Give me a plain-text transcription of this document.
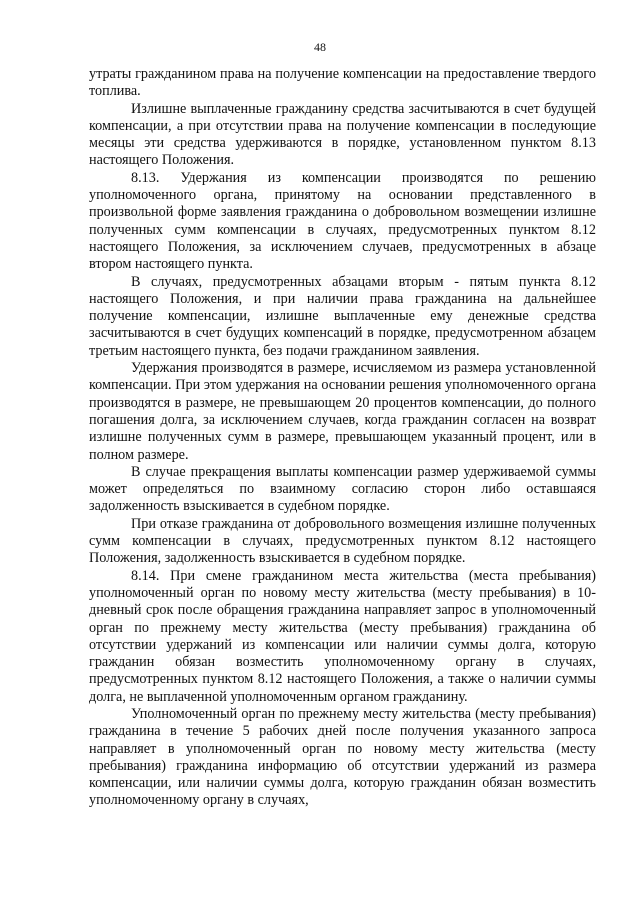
48

утраты гражданином права на получение компенсации на предоставление твердого топлива.

Излишне выплаченные гражданину средства засчитываются в счет будущей компенсации, а при отсутствии права на получение компенсации в последующие месяцы эти средства удерживаются в порядке, установленном пунктом 8.13 настоящего Положения.

8.13. Удержания из компенсации производятся по решению уполномоченного органа, принятому на основании представленного в произвольной форме заявления гражданина о добровольном возмещении излишне полученных сумм компенсации в случаях, предусмотренных пунктом 8.12 настоящего Положения, за исключением случаев, предусмотренных в абзаце втором настоящего пункта.

В случаях, предусмотренных абзацами вторым - пятым пункта 8.12 настоящего Положения, и при наличии права гражданина на дальнейшее получение компенсации, излишне выплаченные ему денежные средства засчитываются в счет будущих компенсаций в порядке, предусмотренном абзацем третьим настоящего пункта, без подачи гражданином заявления.

Удержания производятся в размере, исчисляемом из размера установленной компенсации. При этом удержания на основании решения уполномоченного органа производятся в размере, не превышающем 20 процентов компенсации, до полного погашения долга, за исключением случаев, когда гражданин согласен на возврат излишне полученных сумм в размере, превышающем указанный процент, или в полном размере.

В случае прекращения выплаты компенсации размер удерживаемой суммы может определяться по взаимному согласию сторон либо оставшаяся задолженность взыскивается в судебном порядке.

При отказе гражданина от добровольного возмещения излишне полученных сумм компенсации в случаях, предусмотренных пунктом 8.12 настоящего Положения, задолженность взыскивается в судебном порядке.

8.14. При смене гражданином места жительства (места пребывания) уполномоченный орган по новому месту жительства (месту пребывания) в 10-дневный срок после обращения гражданина направляет запрос в уполномоченный орган по прежнему месту жительства (месту пребывания) гражданина об отсутствии удержаний из компенсации или наличии суммы долга, которую гражданин обязан возместить уполномоченному органу в случаях, предусмотренных пунктом 8.12 настоящего Положения, а также о наличии суммы долга, не выплаченной уполномоченным органом гражданину.

Уполномоченный орган по прежнему месту жительства (месту пребывания) гражданина в течение 5 рабочих дней после получения указанного запроса направляет в уполномоченный орган по новому месту жительства (месту пребывания) гражданина информацию об отсутствии удержаний из размера компенсации, или наличии суммы долга, которую гражданин обязан возместить уполномоченному органу в случаях,
